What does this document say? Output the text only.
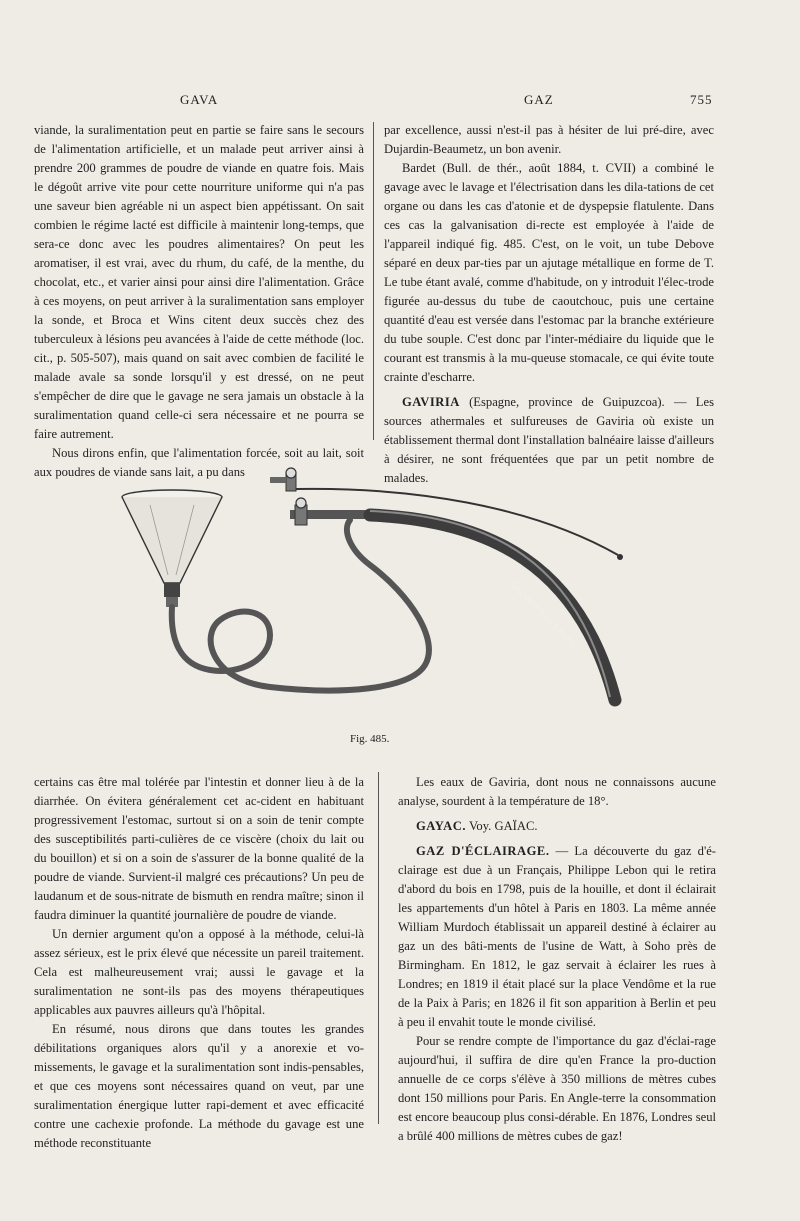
GAVA	GAZ	755

viande, la suralimentation peut en partie se faire sans le secours de l'alimentation artificielle, et un malade peut arriver ainsi à prendre 200 grammes de poudre de viande en quatre fois. Mais le dégoût arrive vite pour cette nourriture uniforme qui n'a pas une saveur bien agréable ni un aspect bien appétissant. On sait combien le régime lacté est difficile à maintenir long-temps, que sera-ce donc avec les poudres alimentaires? On peut les aromatiser, il est vrai, avec du rhum, du café, de la menthe, du chocolat, etc., et varier ainsi pour ainsi dire l'alimentation. Grâce à ces moyens, on peut arriver à la suralimentation sans employer la sonde, et Broca et Wins citent deux succès chez des tuberculeux à lésions peu avancées à l'aide de cette méthode (loc. cit., p. 505-507), mais quand on sait avec combien de facilité le malade avale sa sonde lorsqu'il y est dressé, on ne peut s'empêcher de dire que le gavage ne sera jamais un obstacle à la suralimentation quand celle-ci sera nécessaire et ne pourra se faire autrement.

Nous dirons enfin, que l'alimentation forcée, soit au lait, soit aux poudres de viande sans lait, a pu dans

par excellence, aussi n'est-il pas à hésiter de lui pré-dire, avec Dujardin-Beaumetz, un bon avenir.

Bardet (Bull. de thér., août 1884, t. CVII) a combiné le gavage avec le lavage et l'électrisation dans les dila-tations de cet organe ou dans les cas d'atonie et de dyspepsie flatulente. Dans ces cas la galvanisation di-recte est employée à l'aide de l'appareil indiqué fig. 485. C'est, on le voit, un tube Debove séparé en deux par-ties par un ajutage métallique en forme de T. Le tube étant avalé, comme d'habitude, on y introduit l'élec-trode figurée au-dessus du tube de caoutchouc, puis une certaine quantité d'eau est versée dans l'estomac par la branche extérieure du tube souple. C'est donc par l'inter-médiaire du liquide que le courant est transmis à la mu-queuse stomacale, ce qui évite toute crainte d'escharre.

GAVIRIA (Espagne, province de Guipuzcoa). — Les sources athermales et sulfureuses de Gaviria où existe un établissement thermal dont l'installation balnéaire laisse d'ailleurs à désirer, ne sont fréquentées que par un petit nombre de malades.

GALANTE & FILS PARIS
Fig. 485.

certains cas être mal tolérée par l'intestin et donner lieu à de la diarrhée. On évitera généralement cet ac-cident en habituant progressivement l'estomac, surtout si on a soin de tenir compte des susceptibilités parti-culières de ce viscère (choix du lait ou du bouillon) et si on a soin de s'assurer de la bonne qualité de la poudre de viande. Survient-il malgré ces précautions? Un peu de laudanum et de sous-nitrate de bismuth en rendra maître; sinon il faudra diminuer la quantité journalière de poudre de viande.

Un dernier argument qu'on a opposé à la méthode, celui-là assez sérieux, est le prix élevé que nécessite un pareil traitement. Cela est malheureusement vrai; aussi le gavage et la suralimentation ne sont-ils pas des moyens thérapeutiques applicables aux pauvres ailleurs qu'à l'hôpital.

En résumé, nous dirons que dans toutes les grandes débilitations organiques alors qu'il y a anorexie et vo-missements, le gavage et la suralimentation sont indis-pensables, et que ces moyens sont nécessaires quand on veut, par une suralimentation énergique lutter rapi-dement et avec efficacité contre une cachexie profonde. La méthode du gavage est une méthode reconstituante

Les eaux de Gaviria, dont nous ne connaissons aucune analyse, sourdent à la température de 18°.

GAYAC. Voy. GAÏAC.

GAZ D'ÉCLAIRAGE. — La découverte du gaz d'é-clairage est due à un Français, Philippe Lebon qui le retira d'abord du bois en 1798, puis de la houille, et dont il éclairait les appartements d'un hôtel à Paris en 1803. La même année William Murdoch établissait un appareil destiné à éclairer au gaz un des bâti-ments de l'usine de Watt, à Soho près de Birmingham. En 1812, le gaz servait à éclairer les rues à Londres; en 1819 il était placé sur la place Vendôme et la rue de la Paix à Paris; en 1826 il fit son apparition à Berlin et peu à peu il envahit toute le monde civilisé.

Pour se rendre compte de l'importance du gaz d'éclai-rage aujourd'hui, il suffira de dire qu'en France la pro-duction annuelle de ce corps s'élève à 350 millions de mètres cubes dont 150 millions pour Paris. En Angle-terre la consommation est encore beaucoup plus consi-dérable. En 1876, Londres seul a brûlé 400 millions de mètres cubes de gaz!
